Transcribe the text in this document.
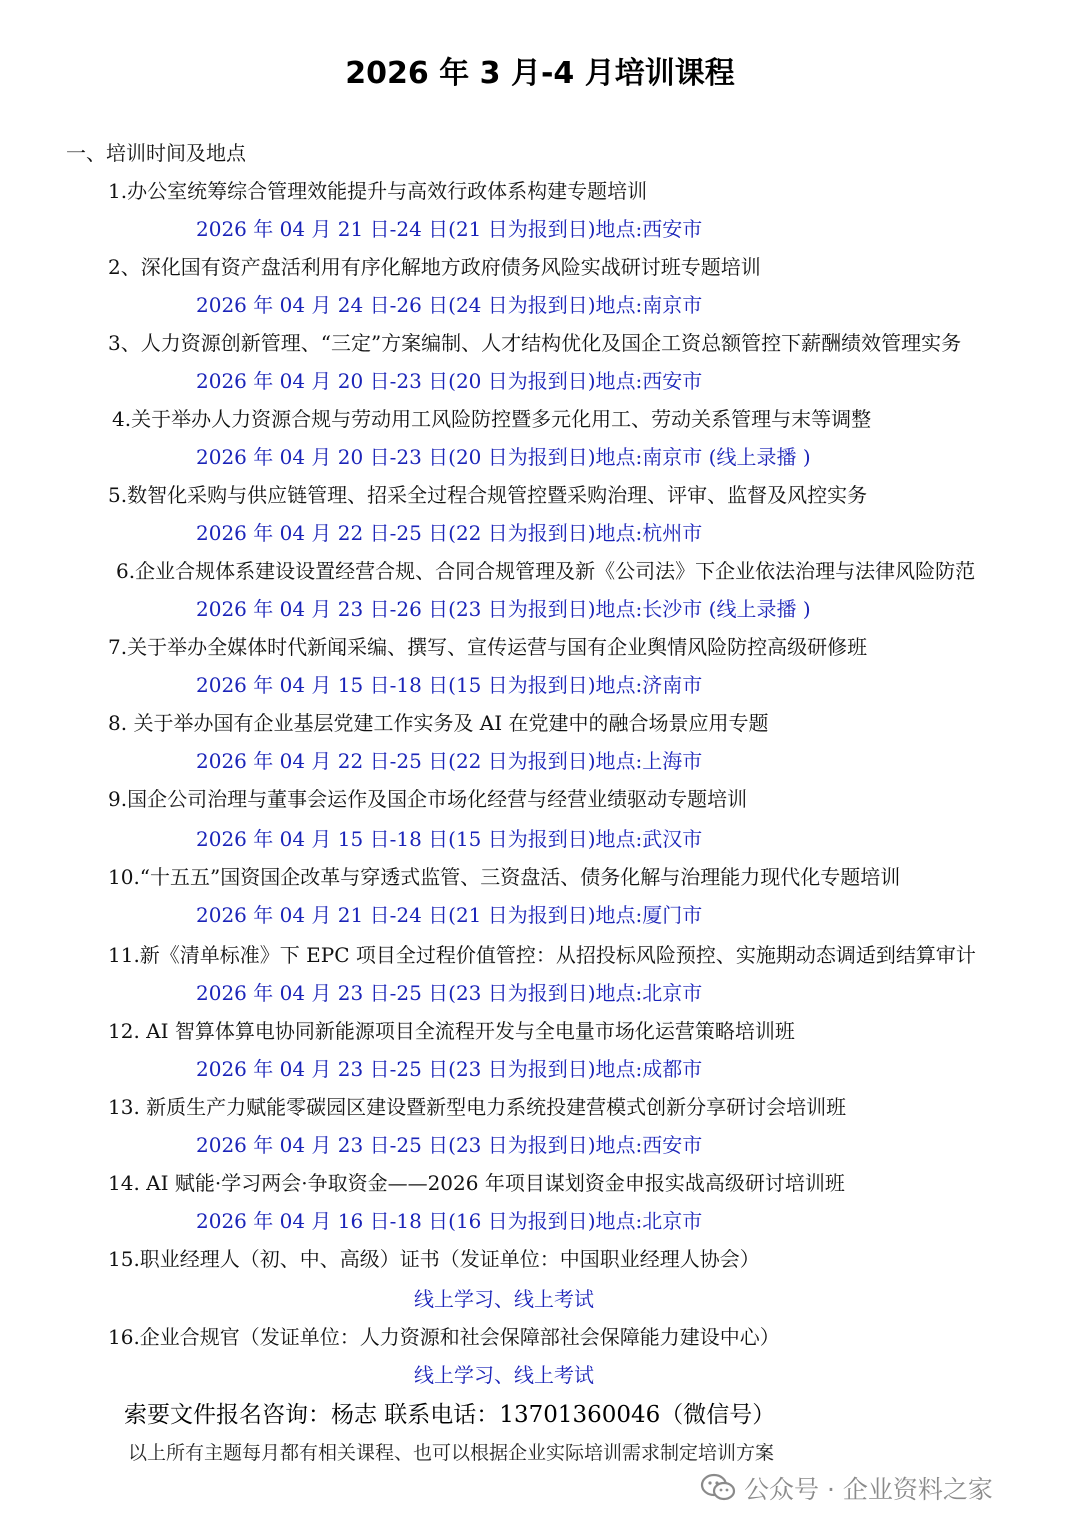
2026 年 3 月-4 月培训课程
一、培训时间及地点
1.办公室统筹综合管理效能提升与高效行政体系构建专题培训
2026 年 04 月 21 日-24 日(21 日为报到日)地点:西安市
2、深化国有资产盘活利用有序化解地方政府债务风险实战研讨班专题培训
2026 年 04 月 24 日-26 日(24 日为报到日)地点:南京市
3、人力资源创新管理、“三定”方案编制、人才结构优化及国企工资总额管控下薪酬绩效管理实务
2026 年 04 月 20 日-23 日(20 日为报到日)地点:西安市
4.关于举办人力资源合规与劳动用工风险防控暨多元化用工、劳动关系管理与末等调整
2026 年 04 月 20 日-23 日(20 日为报到日)地点:南京市 (线上录播 )
5.数智化采购与供应链管理、招采全过程合规管控暨采购治理、评审、监督及风控实务
2026 年 04 月 22 日-25 日(22 日为报到日)地点:杭州市
6.企业合规体系建设设置经营合规、合同合规管理及新《公司法》下企业依法治理与法律风险防范
2026 年 04 月 23 日-26 日(23 日为报到日)地点:长沙市 (线上录播 )
7.关于举办全媒体时代新闻采编、撰写、宣传运营与国有企业舆情风险防控高级研修班
2026 年 04 月 15 日-18 日(15 日为报到日)地点:济南市
8. 关于举办国有企业基层党建工作实务及 AI 在党建中的融合场景应用专题
2026 年 04 月 22 日-25 日(22 日为报到日)地点:上海市
9.国企公司治理与董事会运作及国企市场化经营与经营业绩驱动专题培训
2026 年 04 月 15 日-18 日(15 日为报到日)地点:武汉市
10.“十五五”国资国企改革与穿透式监管、三资盘活、债务化解与治理能力现代化专题培训
2026 年 04 月 21 日-24 日(21 日为报到日)地点:厦门市
11.新《清单标准》下 EPC 项目全过程价值管控：从招投标风险预控、实施期动态调适到结算审计
2026 年 04 月 23 日-25 日(23 日为报到日)地点:北京市
12. AI 智算体算电协同新能源项目全流程开发与全电量市场化运营策略培训班
2026 年 04 月 23 日-25 日(23 日为报到日)地点:成都市
13. 新质生产力赋能零碳园区建设暨新型电力系统投建营模式创新分享研讨会培训班
2026 年 04 月 23 日-25 日(23 日为报到日)地点:西安市
14. AI 赋能·学习两会·争取资金——2026 年项目谋划资金申报实战高级研讨培训班
2026 年 04 月 16 日-18 日(16 日为报到日)地点:北京市
15.职业经理人（初、中、高级）证书（发证单位：中国职业经理人协会）
线上学习、线上考试
16.企业合规官（发证单位：人力资源和社会保障部社会保障能力建设中心）
线上学习、线上考试
索要文件报名咨询：杨志 联系电话：13701360046（微信号）
以上所有主题每月都有相关课程、也可以根据企业实际培训需求制定培训方案
公众号 · 企业资料之家
